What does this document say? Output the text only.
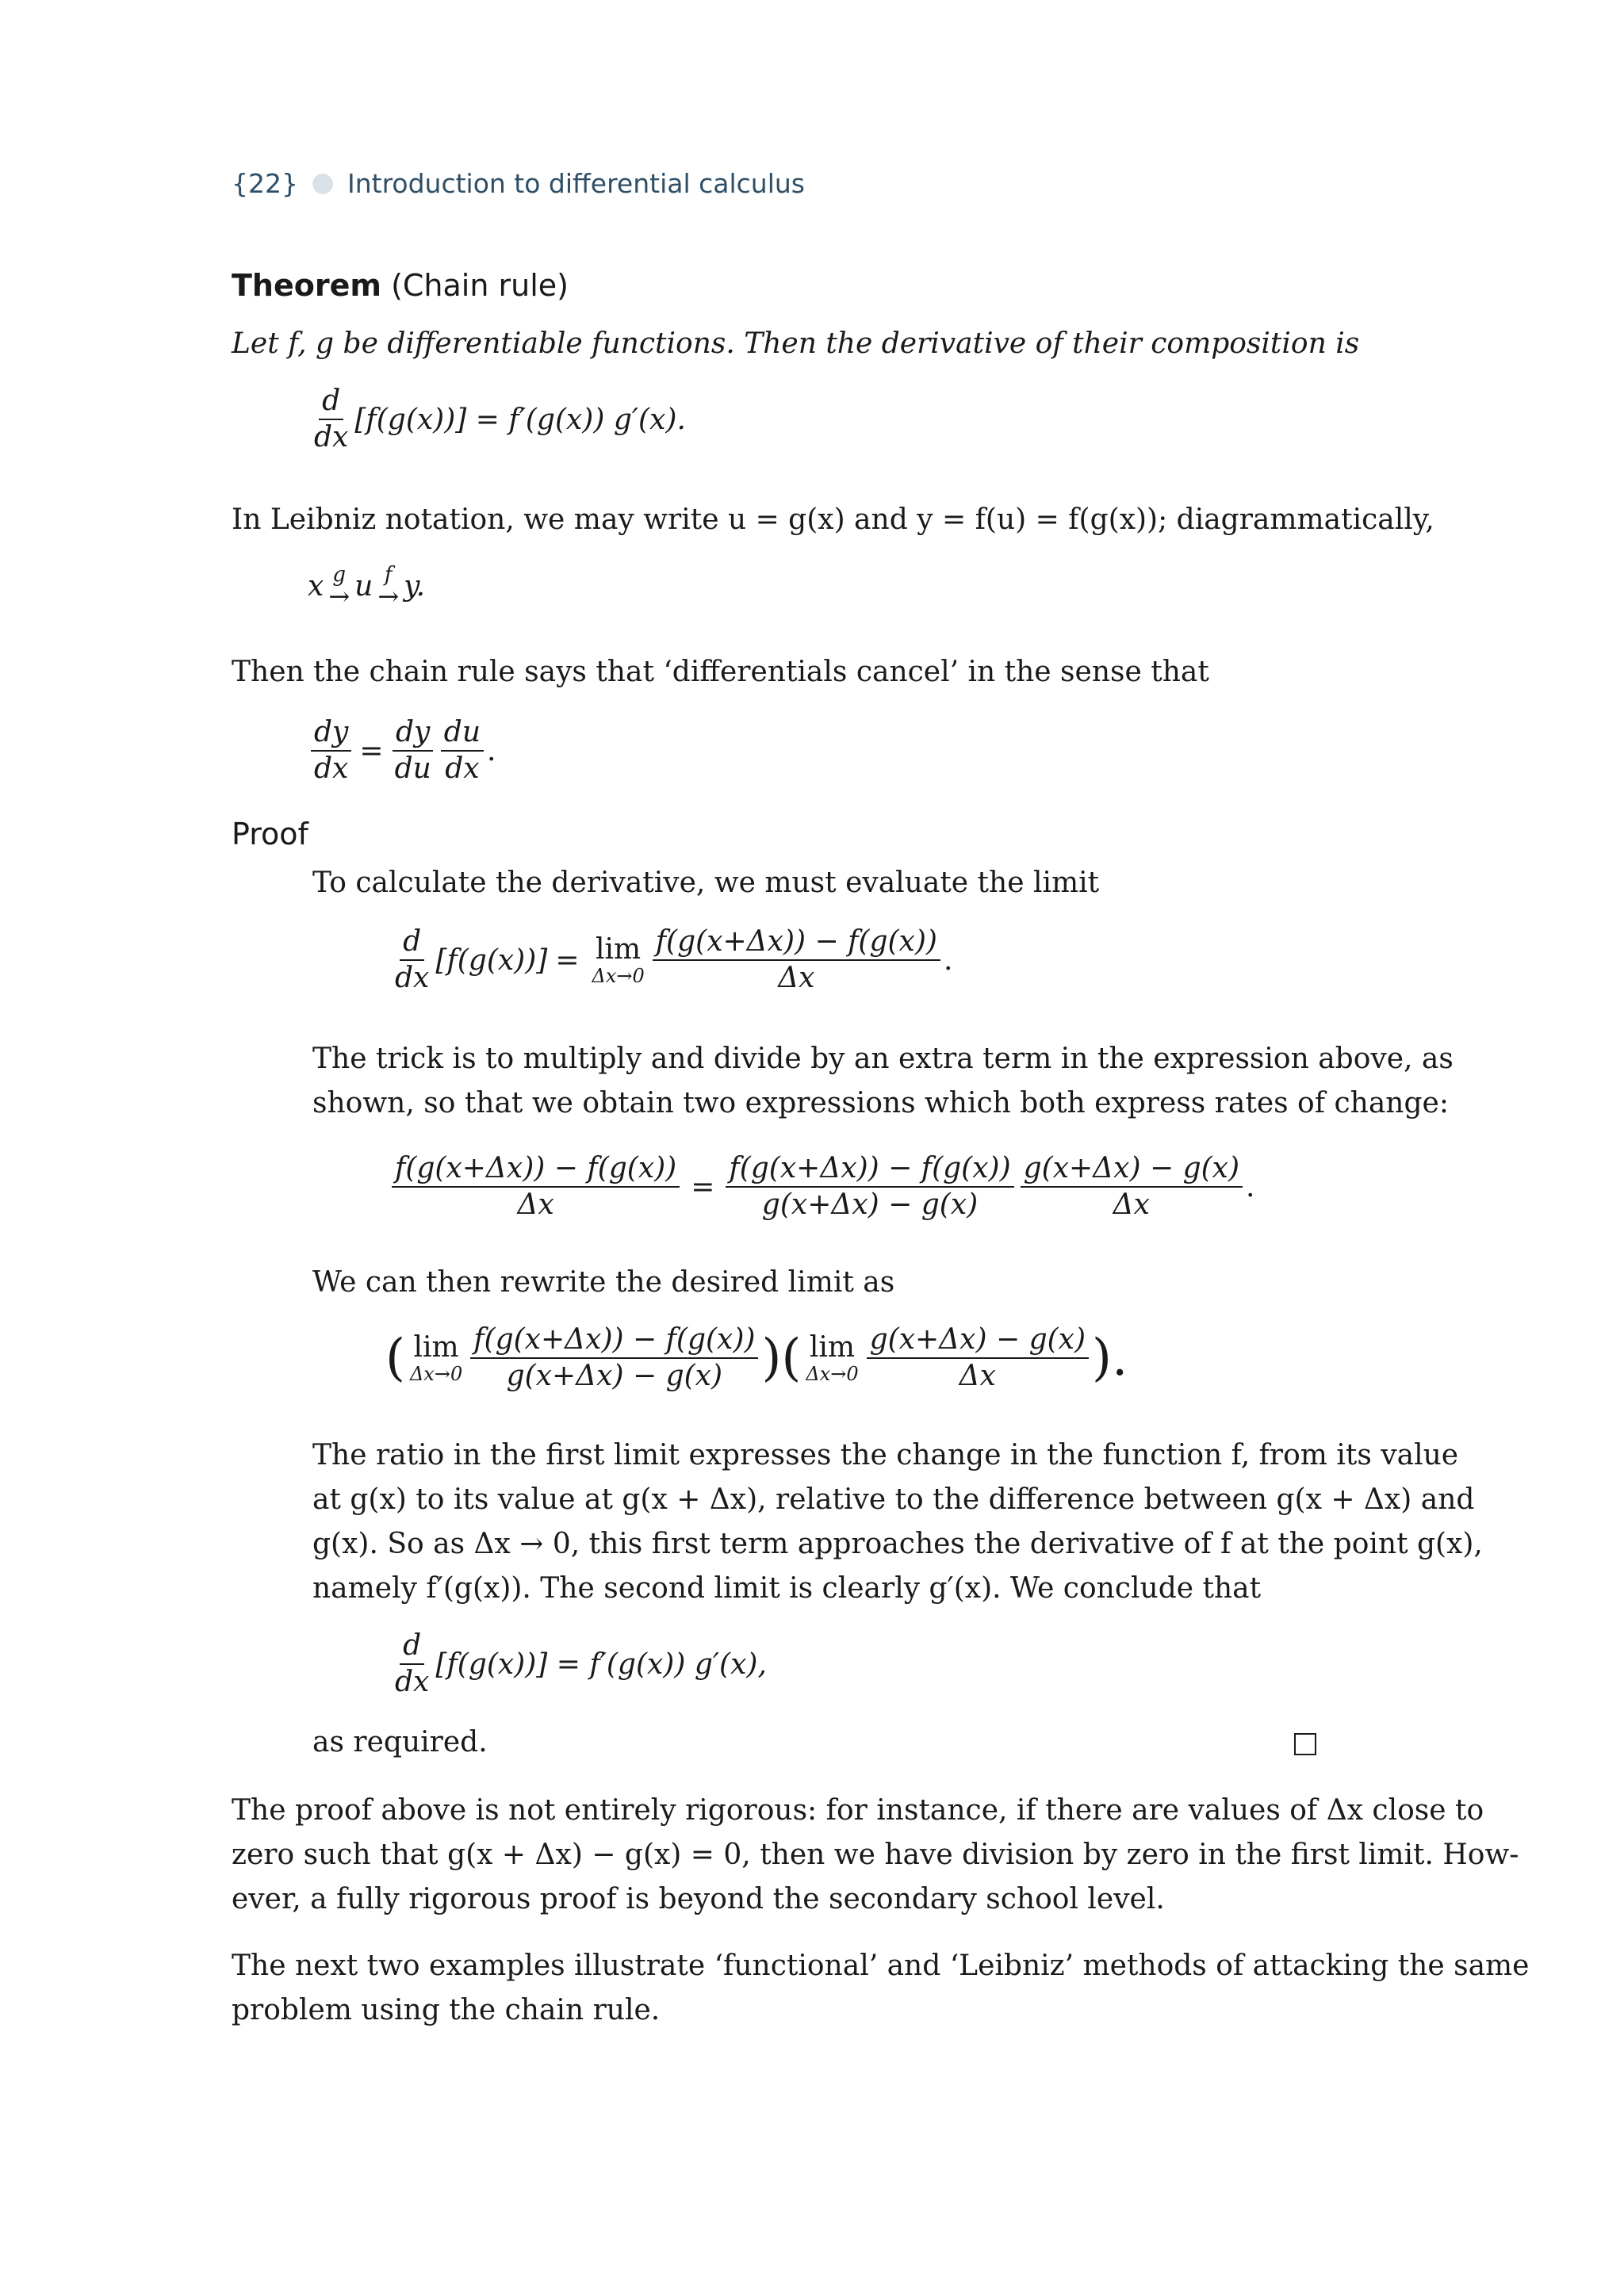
{22} Introduction to differential calculus
Theorem (Chain rule)
Let f, g be differentiable functions. Then the derivative of their composition is
$\frac{d}{dx} [f(g(x))]$
= f′(g(x)) g′(x).
In Leibniz notation, we may write u = g(x) and y = f(u) = f(g(x)); diagrammatically,
x g
→ u f
→ y.
Then the chain rule says that ‘differentials cancel’ in the sense that
$\frac{dy}{dx} = \frac{dy}{du} \frac{du}{dx}$ .
Proof
To calculate the derivative, we must evaluate the limit
$\frac{d}{dx} [f(g(x))] = \lim$
$\Delta x\to 0 \frac{f(g(x+\Delta x)) - f(g(x))}{\Delta x}$ .
The trick is to multiply and divide by an extra term in the expression above, as
shown, so that we obtain two expressions which both express rates of change:
$\frac{f(g(x+\Delta x)) - f(g(x))}{\Delta x} = \frac{f(g(x+\Delta x)) - f(g(x))}{g(x+\Delta x) - g(x)} \frac{g(x+\Delta x) - g(x)}{\Delta x}$ .
We can then rewrite the desired limit as
( lim
$\Delta x\to 0 \frac{f(g(x+\Delta x)) - f(g(x))}{g(x+\Delta x) - g(x)}$ ) ( lim
$\Delta x\to 0 \frac{g(x+\Delta x) - g(x)}{\Delta x}$ ).
The ratio in the first limit expresses the change in the function f, from its value
at g(x) to its value at g(x + Δx), relative to the difference between g(x + Δx) and
g(x). So as Δx → 0, this first term approaches the derivative of f at the point g(x),
namely f′(g(x)). The second limit is clearly g′(x). We conclude that
$\frac{d}{dx} [f(g(x))]$
= f′(g(x)) g′(x),
as required.
The proof above is not entirely rigorous: for instance, if there are values of Δx close to
zero such that g(x + Δx) − g(x) = 0, then we have division by zero in the first limit. How-
ever, a fully rigorous proof is beyond the secondary school level.
The next two examples illustrate ‘functional’ and ‘Leibniz’ methods of attacking the same
problem using the chain rule.
